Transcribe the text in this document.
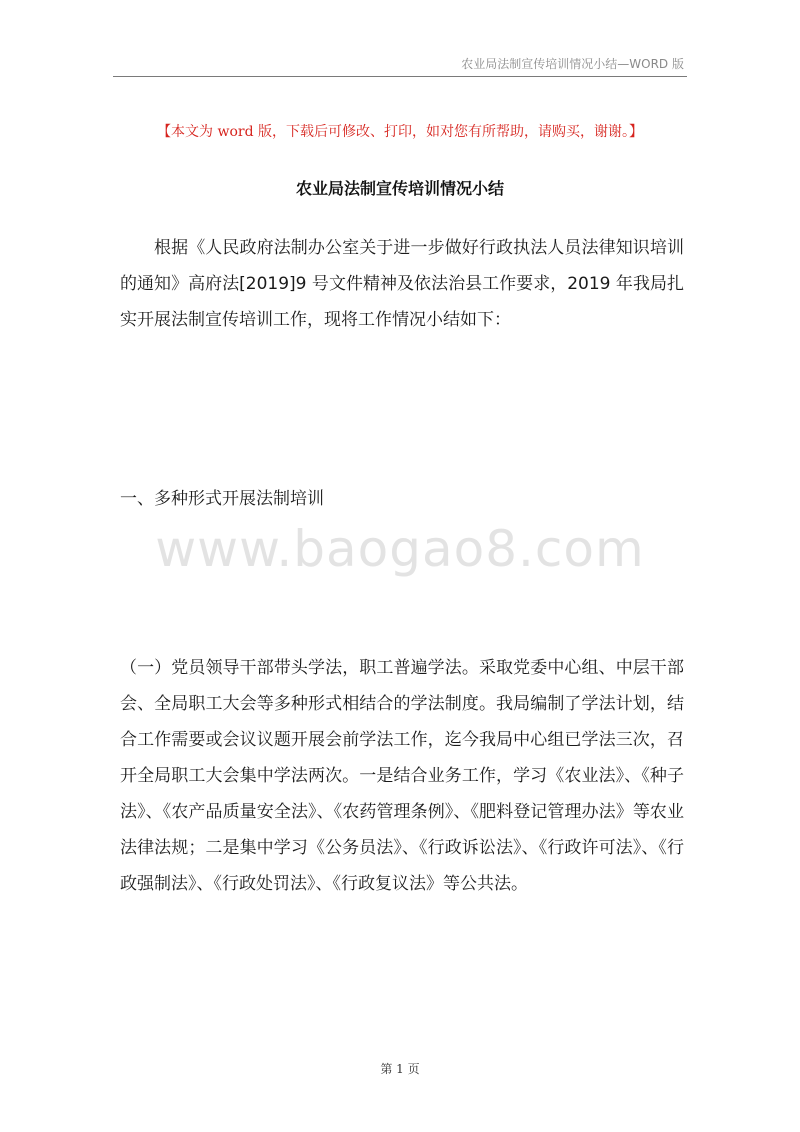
农业局法制宣传培训情况小结—WORD 版
【本文为 word 版，下载后可修改、打印，如对您有所帮助，请购买，谢谢。】
农业局法制宣传培训情况小结

根据《人民政府法制办公室关于进一步做好行政执法人员法律知识培训的通知》高府法[2019]9 号文件精神及依法治县工作要求，2019 年我局扎实开展法制宣传培训工作，现将工作情况小结如下：

一、多种形式开展法制培训

www.baogao8.com

（一）党员领导干部带头学法，职工普遍学法。采取党委中心组、中层干部会、全局职工大会等多种形式相结合的学法制度。我局编制了学法计划，结合工作需要或会议议题开展会前学法工作，迄今我局中心组已学法三次，召开全局职工大会集中学法两次。一是结合业务工作，学习《农业法》、《种子法》、《农产品质量安全法》、《农药管理条例》、《肥料登记管理办法》等农业法律法规；二是集中学习《公务员法》、《行政诉讼法》、《行政许可法》、《行政强制法》、《行政处罚法》、《行政复议法》等公共法。

第 1 页
